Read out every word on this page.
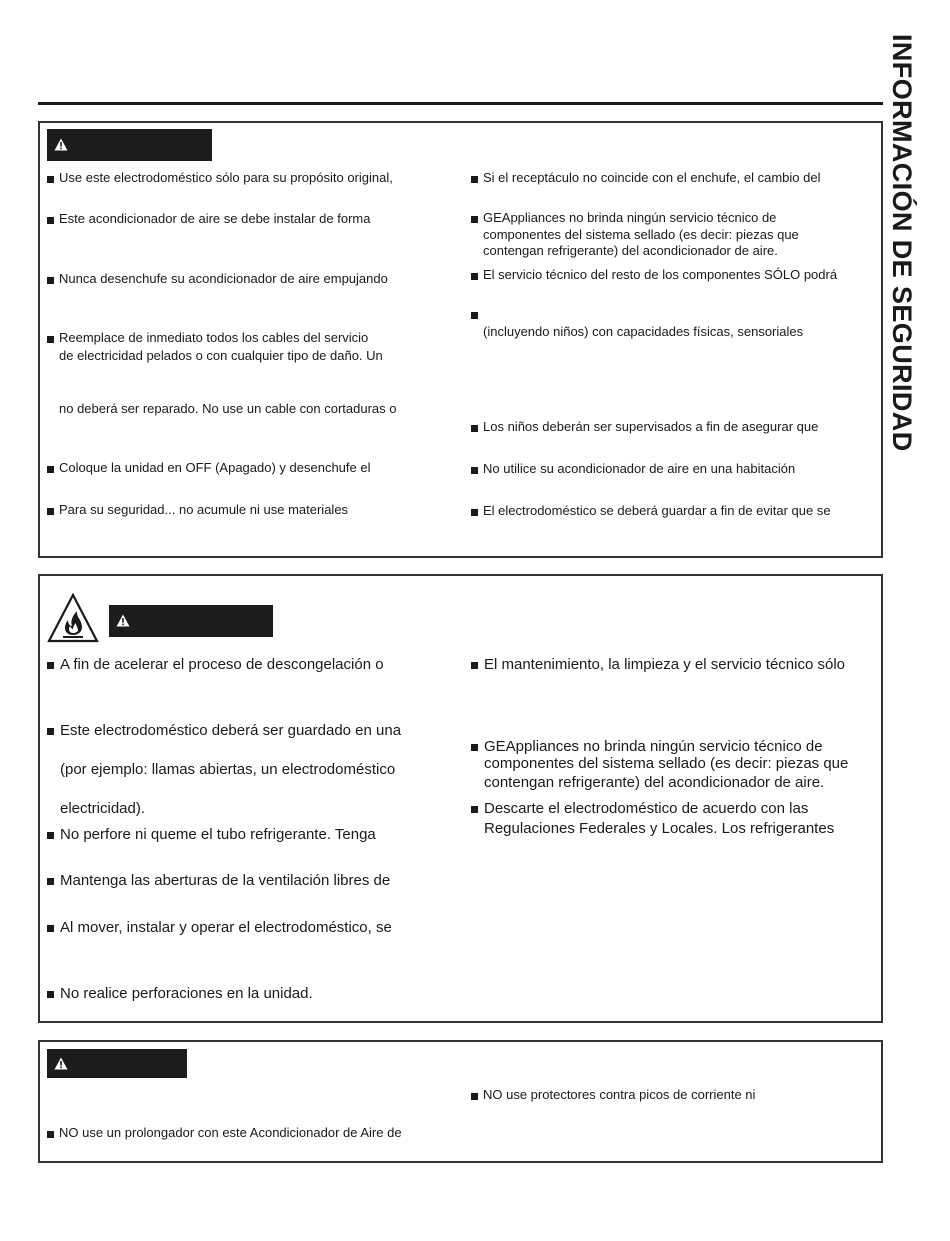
INFORMACIÓN DE SEGURIDAD
Use este electrodoméstico sólo para su propósito original,
Este acondicionador de aire se debe instalar de forma
Nunca desenchufe su acondicionador de aire empujando
Reemplace de inmediato todos los cables del servicio
de electricidad pelados o con cualquier tipo de daño. Un
no deberá ser reparado. No use un cable con cortaduras o
Coloque la unidad en OFF (Apagado) y desenchufe el
Para su seguridad... no acumule ni use materiales
Si el receptáculo no coincide con el enchufe, el cambio del
GEAppliances no brinda ningún servicio técnico de
componentes del sistema sellado (es decir: piezas que
contengan refrigerante) del acondicionador de aire.
El servicio técnico del resto de los componentes SÓLO podrá
(incluyendo niños) con capacidades físicas, sensoriales
Los niños deberán ser supervisados a fin de asegurar que
No utilice su acondicionador de aire en una habitación
El electrodoméstico se deberá guardar a fin de evitar que se
A fin de acelerar el proceso de descongelación o
Este electrodoméstico deberá ser guardado en una
(por ejemplo: llamas abiertas, un electrodoméstico
electricidad).
No perfore ni queme el tubo refrigerante. Tenga
Mantenga las aberturas de la ventilación libres de
Al mover, instalar y operar el electrodoméstico, se
No realice perforaciones en la unidad.
El mantenimiento, la limpieza y el servicio técnico sólo
GEAppliances no brinda ningún servicio técnico de
componentes del sistema sellado (es decir: piezas que
contengan refrigerante) del acondicionador de aire.
Descarte el electrodoméstico de acuerdo con las
Regulaciones Federales y Locales. Los refrigerantes
NO use protectores contra picos de corriente ni
NO use un prolongador con este Acondicionador de Aire de
